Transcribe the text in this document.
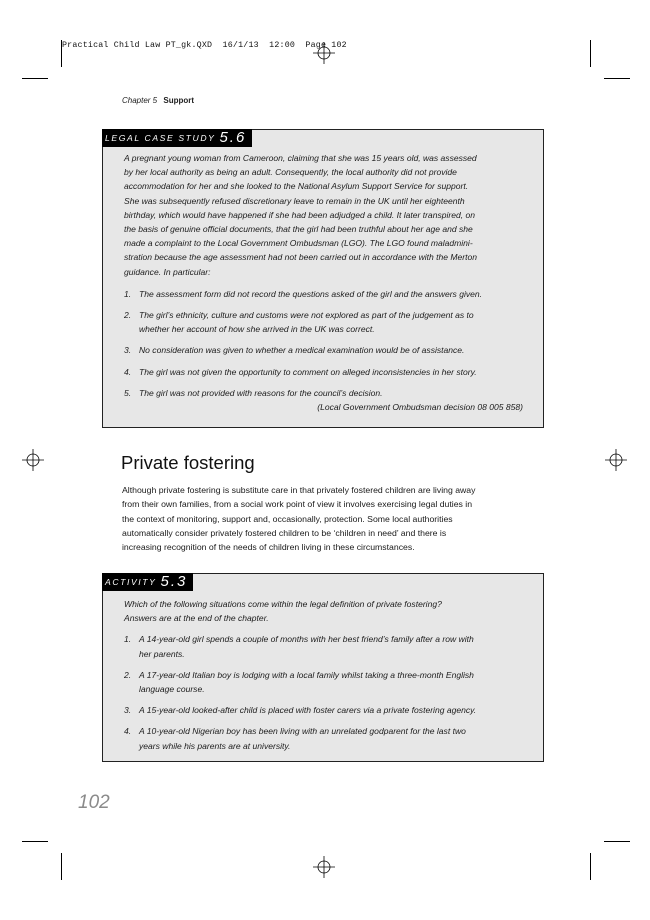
Practical Child Law PT_gk.QXD  16/1/13  12:00  Page 102
Chapter 5 Support
LEGAL CASE STUDY 5.6

A pregnant young woman from Cameroon, claiming that she was 15 years old, was assessed
by her local authority as being an adult. Consequently, the local authority did not provide
accommodation for her and she looked to the National Asylum Support Service for support.
She was subsequently refused discretionary leave to remain in the UK until her eighteenth
birthday, which would have happened if she had been adjudged a child. It later transpired, on
the basis of genuine official documents, that the girl had been truthful about her age and she
made a complaint to the Local Government Ombudsman (LGO). The LGO found maladmini-
stration because the age assessment had not been carried out in accordance with the Merton
guidance. In particular:

1. The assessment form did not record the questions asked of the girl and the answers given.
2. The girl’s ethnicity, culture and customs were not explored as part of the judgement as to
whether her account of how she arrived in the UK was correct.
3. No consideration was given to whether a medical examination would be of assistance.
4. The girl was not given the opportunity to comment on alleged inconsistencies in her story.
5. The girl was not provided with reasons for the council’s decision.
(Local Government Ombudsman decision 08 005 858)
Private fostering

Although private fostering is substitute care in that privately fostered children are living away
from their own families, from a social work point of view it involves exercising legal duties in
the context of monitoring, support and, occasionally, protection. Some local authorities
automatically consider privately fostered children to be ‘children in need’ and there is
increasing recognition of the needs of children living in these circumstances.

ACTIVITY 5.3

Which of the following situations come within the legal definition of private fostering?
Answers are at the end of the chapter.

1. A 14-year-old girl spends a couple of months with her best friend’s family after a row with
her parents.
2. A 17-year-old Italian boy is lodging with a local family whilst taking a three-month English
language course.
3. A 15-year-old looked-after child is placed with foster carers via a private fostering agency.
4. A 10-year-old Nigerian boy has been living with an unrelated godparent for the last two
years while his parents are at university.
102
